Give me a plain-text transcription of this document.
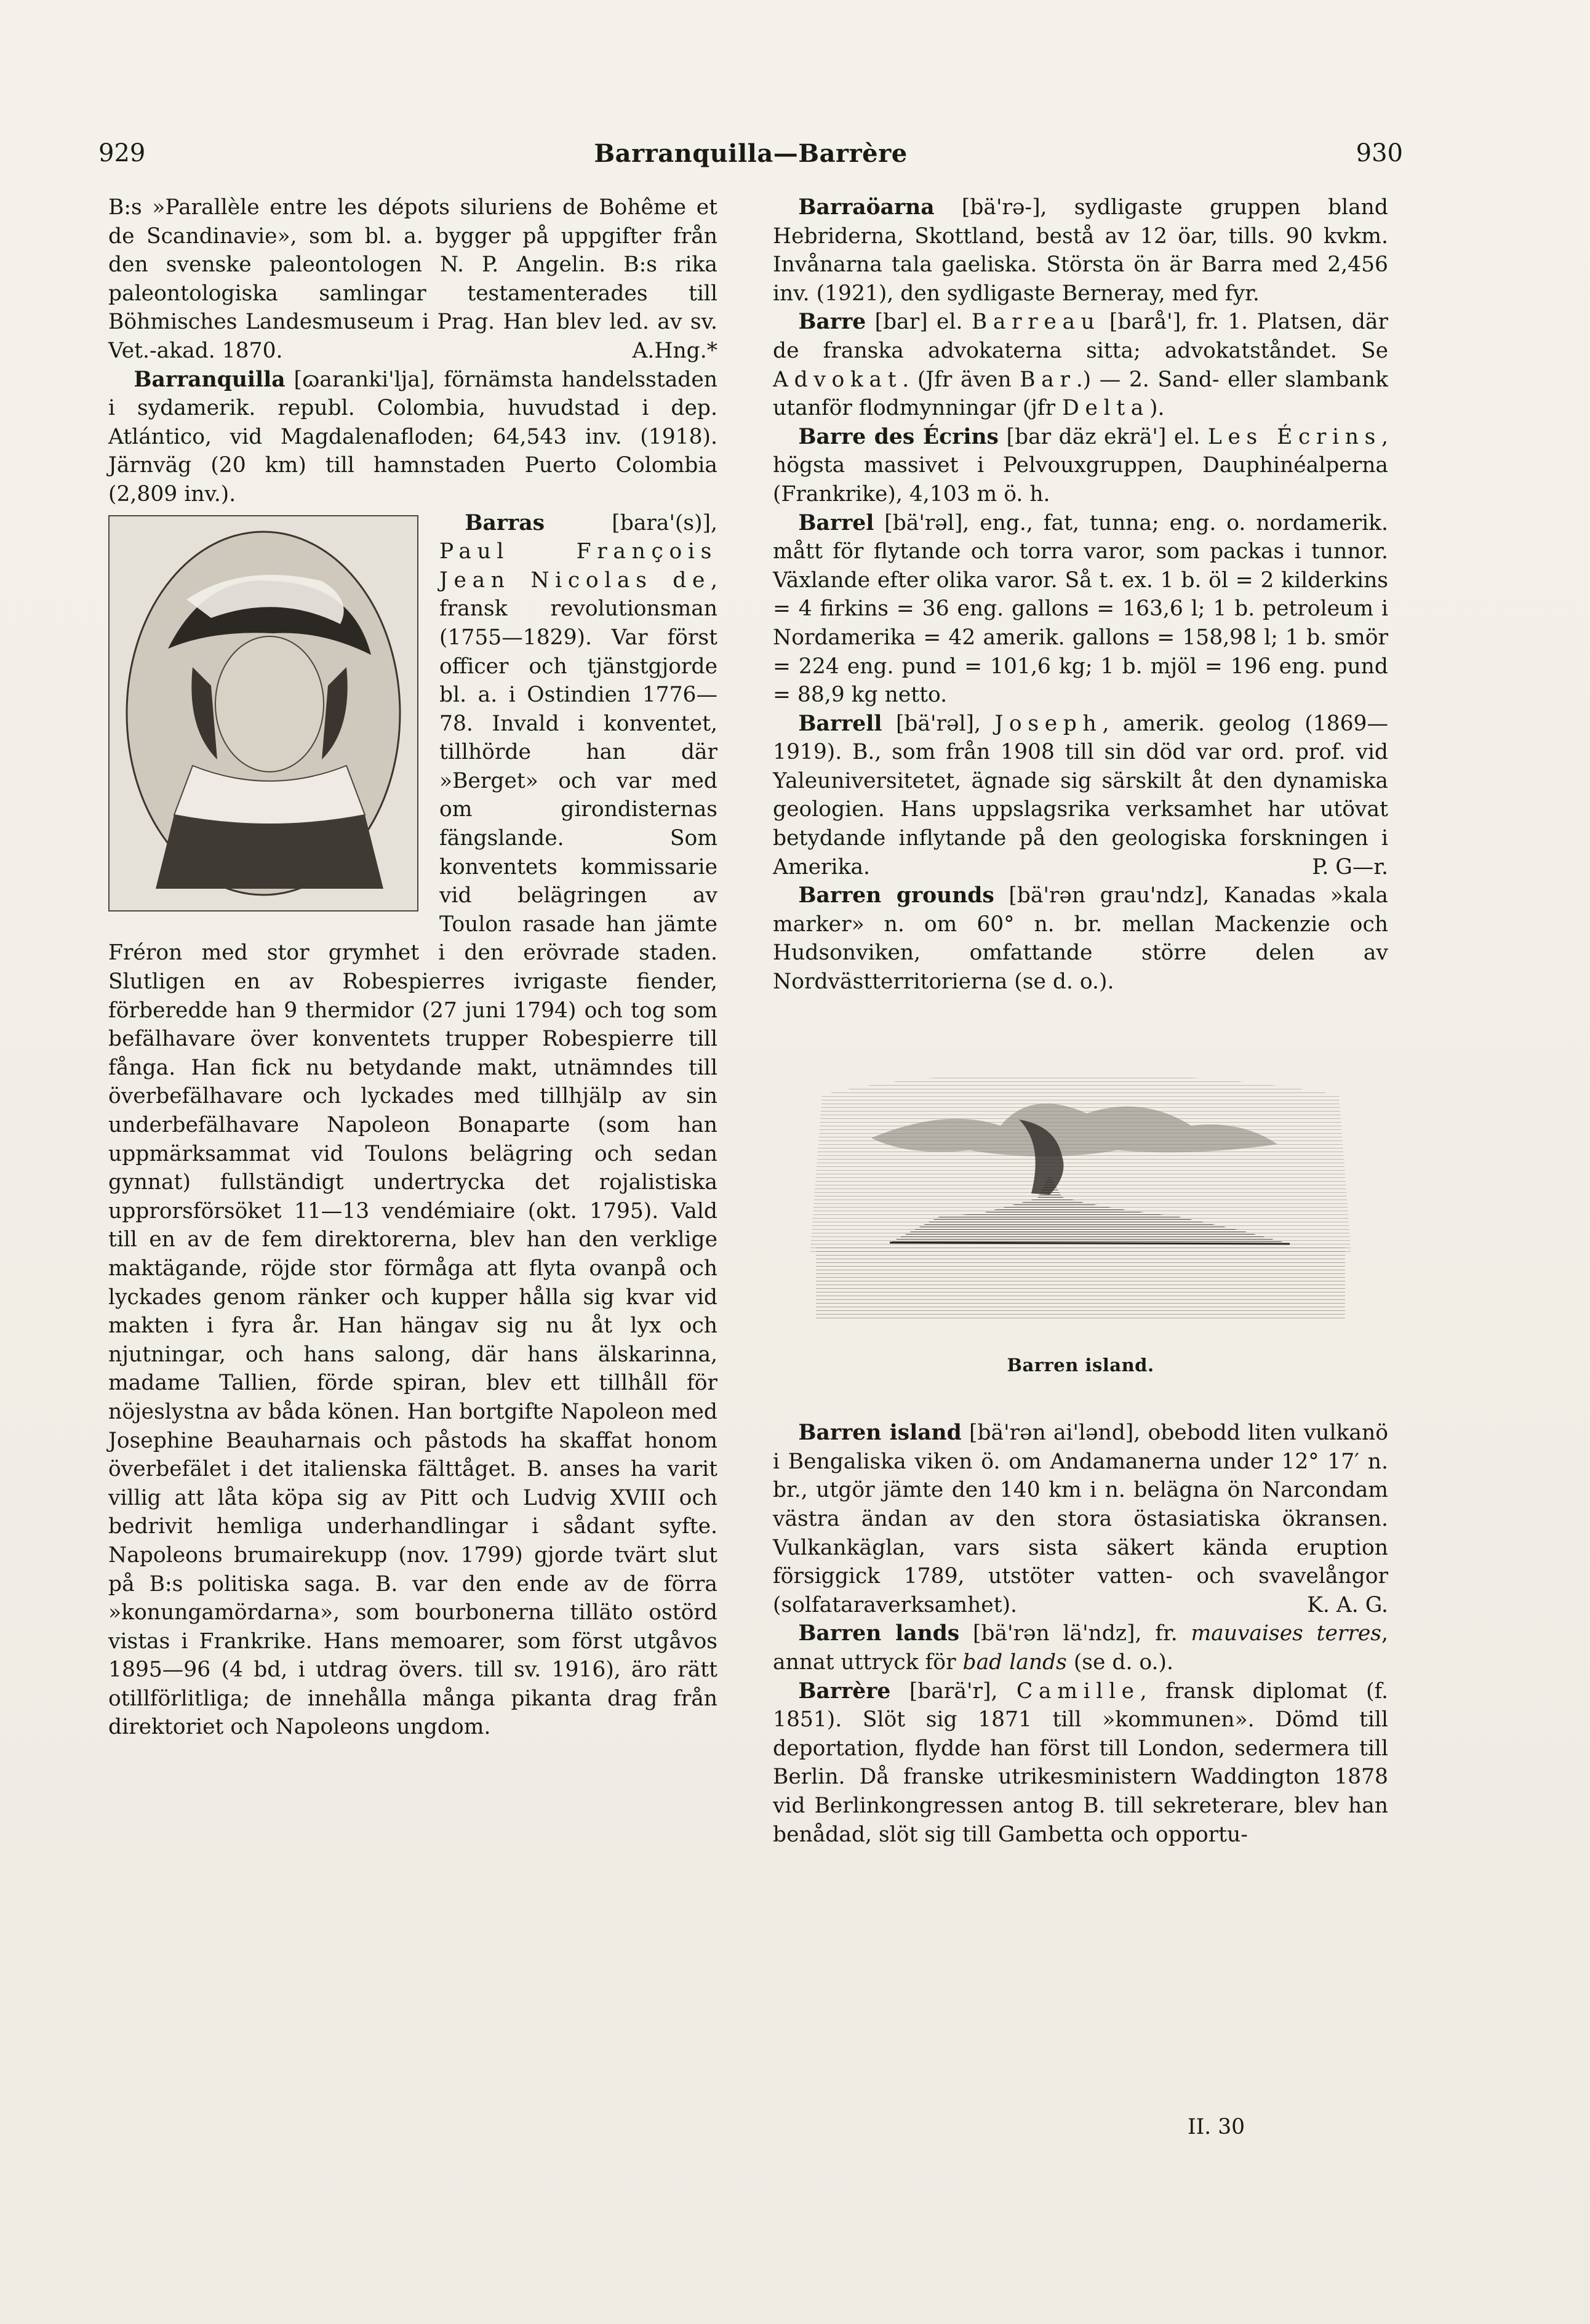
929	Barranquilla—Barrère	930

B:s »Parallèle entre les dépots siluriens de Bohême et de Scandinavie», som bl. a. bygger på uppgifter från den svenske paleontologen N. P. Angelin. B:s rika paleontologiska samlingar testamenterades till Böhmisches Landesmuseum i Prag. Han blev led. av sv. Vet.-akad. 1870.	A.Hng.*

Barranquilla [ɷaranki'lja], förnämsta handelsstaden i sydamerik. republ. Colombia, huvudstad i dep. Atlántico, vid Magdalenafloden; 64,543 inv. (1918). Järnväg (20 km) till hamnstaden Puerto Colombia (2,809 inv.).

Barras [bara'(s)], Paul François Jean Nicolas de, fransk revolutionsman (1755—1829). Var först officer och tjänstgjorde bl. a. i Ostindien 1776—78. Invald i konventet, tillhörde han där »Berget» och var med om girondisternas fängslande. Som konventets kommissarie vid belägringen av Toulon rasade han jämte Fréron med stor grymhet i den erövrade staden. Slutligen en av Robespierres ivrigaste fiender, förberedde han 9 thermidor (27 juni 1794) och tog som befälhavare över konventets trupper Robespierre till fånga. Han fick nu betydande makt, utnämndes till överbefälhavare och lyckades med tillhjälp av sin underbefälhavare Napoleon Bonaparte (som han uppmärksammat vid Toulons belägring och sedan gynnat) fullständigt undertrycka det rojalistiska upprorsförsöket 11—13 vendémiaire (okt. 1795). Vald till en av de fem direktorerna, blev han den verklige maktägande, röjde stor förmåga att flyta ovanpå och lyckades genom ränker och kupper hålla sig kvar vid makten i fyra år. Han hängav sig nu åt lyx och njutningar, och hans salong, där hans älskarinna, madame Tallien, förde spiran, blev ett tillhåll för nöjeslystna av båda könen. Han bortgifte Napoleon med Josephine Beauharnais och påstods ha skaffat honom överbefälet i det italienska fälttåget. B. anses ha varit villig att låta köpa sig av Pitt och Ludvig XVIII och bedrivit hemliga underhandlingar i sådant syfte. Napoleons brumairekupp (nov. 1799) gjorde tvärt slut på B:s politiska saga. B. var den ende av de förra »konungamördarna», som bourbonerna tilläto ostörd vistas i Frankrike. Hans memoarer, som först utgåvos 1895—96 (4 bd, i utdrag övers. till sv. 1916), äro rätt otillförlitliga; de innehålla många pikanta drag från direktoriet och Napoleons ungdom.

Barraöarna [bä'rə-], sydligaste gruppen bland Hebriderna, Skottland, bestå av 12 öar, tills. 90 kvkm. Invånarna tala gaeliska. Största ön är Barra med 2,456 inv. (1921), den sydligaste Berneray, med fyr.

Barre [bar] el. Barreau [barå'], fr. 1. Platsen, där de franska advokaterna sitta; advokatståndet. Se Advokat. (Jfr även Bar.) — 2. Sand- eller slambank utanför flodmynningar (jfr Delta).

Barre des Écrins [bar däz ekrä'] el. Les Écrins, högsta massivet i Pelvouxgruppen, Dauphinéalperna (Frankrike), 4,103 m ö. h.

Barrel [bä'rəl], eng., fat, tunna; eng. o. nordamerik. mått för flytande och torra varor, som packas i tunnor. Växlande efter olika varor. Så t. ex. 1 b. öl = 2 kilderkins = 4 firkins = 36 eng. gallons = 163,6 l; 1 b. petroleum i Nordamerika = 42 amerik. gallons = 158,98 l; 1 b. smör = 224 eng. pund = 101,6 kg; 1 b. mjöl = 196 eng. pund = 88,9 kg netto.

Barrell [bä'rəl], Joseph, amerik. geolog (1869—1919). B., som från 1908 till sin död var ord. prof. vid Yaleuniversitetet, ägnade sig särskilt åt den dynamiska geologien. Hans uppslagsrika verksamhet har utövat betydande inflytande på den geologiska forskningen i Amerika.	P. G—r.

Barren grounds [bä'rən grau'ndz], Kanadas »kala marker» n. om 60° n. br. mellan Mackenzie och Hudsonviken, omfattande större delen av Nordvästterritorierna (se d. o.).

Barren island.

Barren island [bä'rən ai'lənd], obebodd liten vulkanö i Bengaliska viken ö. om Andamanerna under 12° 17′ n. br., utgör jämte den 140 km i n. belägna ön Narcondam västra ändan av den stora östasiatiska ökransen. Vulkankäglan, vars sista säkert kända eruption försiggick 1789, utstöter vatten- och svavelångor (solfataraverksamhet).	K. A. G.

Barren lands [bä'rən lä'ndz], fr. mauvaises terres, annat uttryck för bad lands (se d. o.).

Barrère [barä'r], Camille, fransk diplomat (f. 1851). Slöt sig 1871 till »kommunen». Dömd till deportation, flydde han först till London, sedermera till Berlin. Då franske utrikesministern Waddington 1878 vid Berlinkongressen antog B. till sekreterare, blev han benådad, slöt sig till Gambetta och opportu-

II. 30
